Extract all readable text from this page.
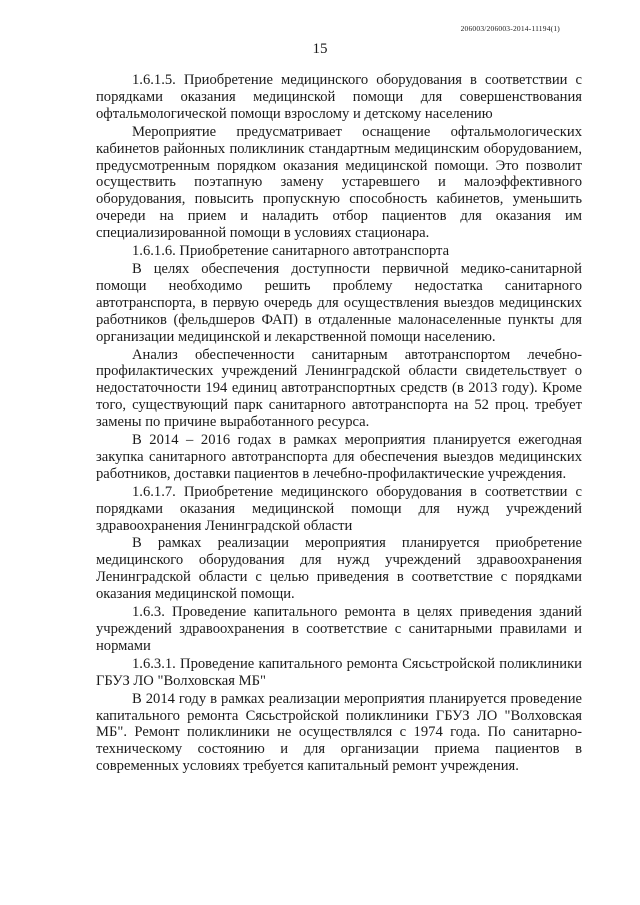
206003/206003-2014-11194(1)
15

1.6.1.5. Приобретение медицинского оборудования в соответствии с порядками оказания медицинской помощи для совершенствования офтальмологической помощи взрослому и детскому населению

Мероприятие предусматривает оснащение офтальмологических кабинетов районных поликлиник стандартным медицинским оборудованием, предусмотренным порядком оказания медицинской помощи. Это позволит осуществить поэтапную замену устаревшего и малоэффективного оборудования, повысить пропускную способность кабинетов, уменьшить очереди на прием и наладить отбор пациентов для оказания им специализированной помощи в условиях стационара.

1.6.1.6. Приобретение санитарного автотранспорта

В целях обеспечения доступности первичной медико-санитарной помощи необходимо решить проблему недостатка санитарного автотранспорта, в первую очередь для осуществления выездов медицинских работников (фельдшеров ФАП) в отдаленные малонаселенные пункты для организации медицинской и лекарственной помощи населению.

Анализ обеспеченности санитарным автотранспортом лечебно-профилактических учреждений Ленинградской области свидетельствует о недостаточности 194 единиц автотранспортных средств (в 2013 году). Кроме того, существующий парк санитарного автотранспорта на 52 проц. требует замены по причине выработанного ресурса.

В 2014 – 2016 годах в рамках мероприятия планируется ежегодная закупка санитарного автотранспорта для обеспечения выездов медицинских работников, доставки пациентов в лечебно-профилактические учреждения.

1.6.1.7. Приобретение медицинского оборудования в соответствии с порядками оказания медицинской помощи для нужд учреждений здравоохранения Ленинградской области

В рамках реализации мероприятия планируется приобретение медицинского оборудования для нужд учреждений здравоохранения Ленинградской области с целью приведения в соответствие с порядками оказания медицинской помощи.

1.6.3. Проведение капитального ремонта в целях приведения зданий учреждений здравоохранения в соответствие с санитарными правилами и нормами

1.6.3.1. Проведение капитального ремонта Сясьстройской поликлиники ГБУЗ ЛО "Волховская МБ"

В 2014 году в рамках реализации мероприятия планируется проведение капитального ремонта Сясьстройской поликлиники ГБУЗ ЛО "Волховская МБ". Ремонт поликлиники не осуществлялся с 1974 года. По санитарно-техническому состоянию и для организации приема пациентов в современных условиях требуется капитальный ремонт учреждения.
